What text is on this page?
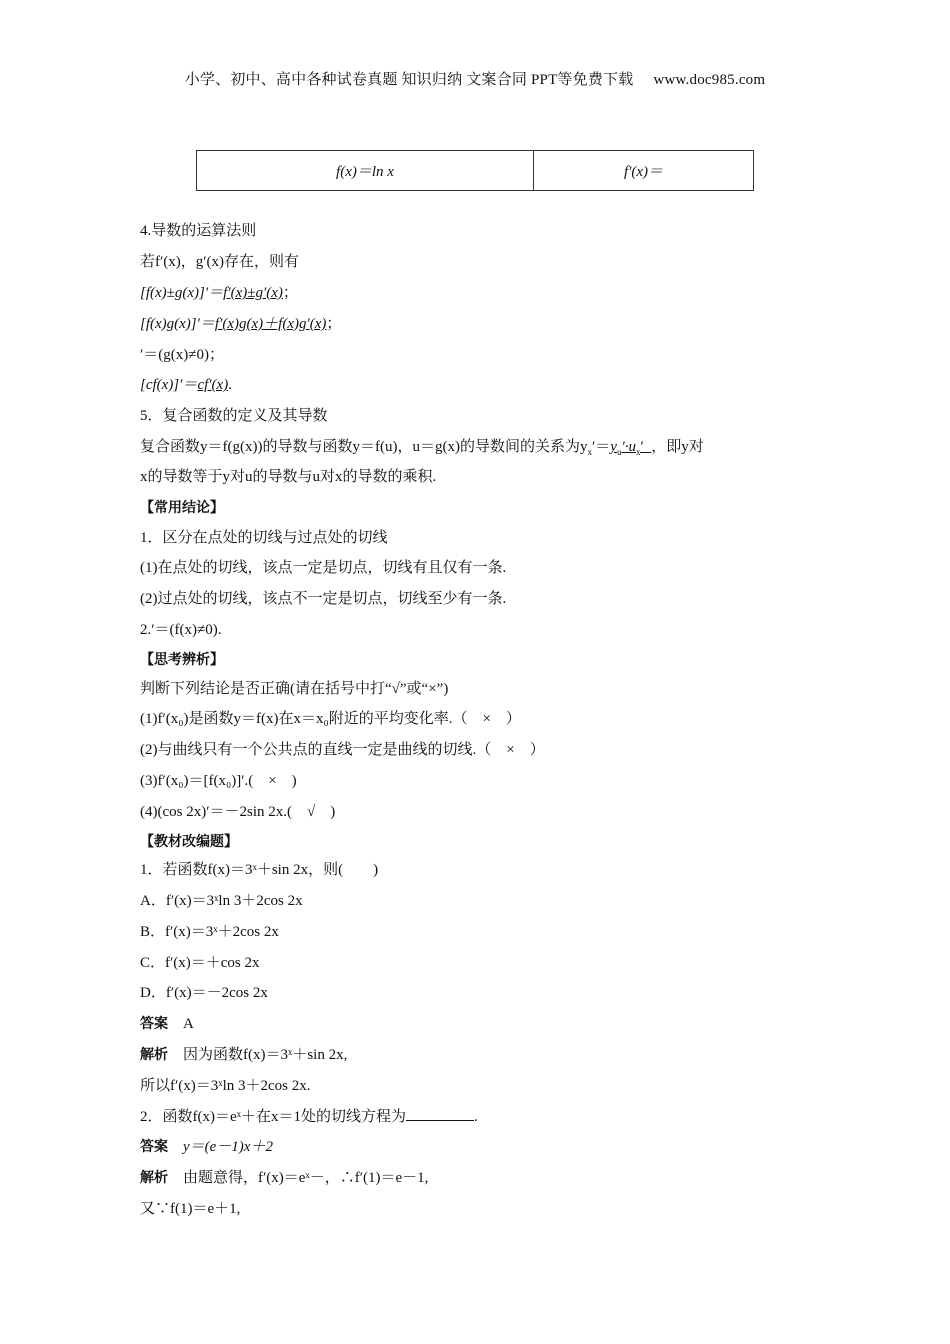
小学、初中、高中各种试卷真题 知识归纳 文案合同 PPT等免费下载 www.doc985.com
f(x)＝ln x	f′(x)＝
4.导数的运算法则
若f′(x)，g′(x)存在，则有
[f(x)±g(x)]′＝f′(x)±g′(x)；
[f(x)g(x)]′＝f′(x)g(x)＋f(x)g′(x)；
′＝(g(x)≠0)；
[cf(x)]′＝cf′(x).
5．复合函数的定义及其导数
复合函数y＝f(g(x))的导数与函数y＝f(u)，u＝g(x)的导数间的关系为$y_x'=y_u'\cdot u_x'$ ，即y对
x的导数等于y对u的导数与u对x的导数的乘积.
【常用结论】
1．区分在点处的切线与过点处的切线
(1)在点处的切线，该点一定是切点，切线有且仅有一条.
(2)过点处的切线，该点不一定是切点，切线至少有一条.
2.′＝(f(x)≠0).
【思考辨析】
判断下列结论是否正确(请在括号中打“√”或“×”)
(1)f′(x₀)是函数y＝f(x)在x＝x₀附近的平均变化率.（　×　）
(2)与曲线只有一个公共点的直线一定是曲线的切线.（　×　）
(3)f′(x₀)＝[f(x₀)]′.(　×　)
(4)(cos 2x)′＝－2sin 2x.(　√　)
【教材改编题】
1．若函数f(x)＝3ˣ＋sin 2x，则(　　)
A．f′(x)＝3ˣln 3＋2cos 2x
B．f′(x)＝3ˣ＋2cos 2x
C．f′(x)＝＋cos 2x
D．f′(x)＝－2cos 2x
答案 A
解析 因为函数f(x)＝3ˣ＋sin 2x,
所以f′(x)＝3ˣln 3＋2cos 2x.
2．函数f(x)＝eˣ＋在x＝1处的切线方程为	.
答案 y＝(e－1)x＋2
解析 由题意得，f′(x)＝eˣ－，∴f′(1)＝e－1,
又∵f(1)＝e＋1,
